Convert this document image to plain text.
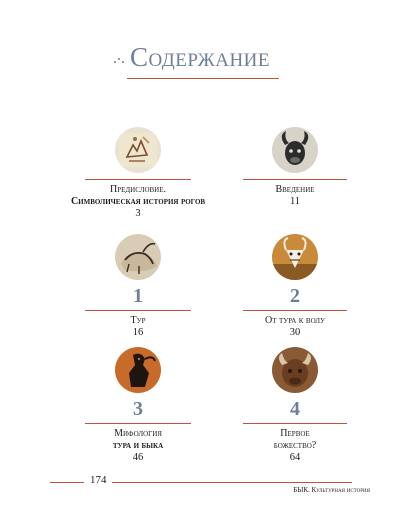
Содержание
Предисловие.
Символическая история рогов
3
Введение
11
1
Тур
16
2
От тура к волу
30
3
Мифология
тура и быка
46
4
Первое
божество?
64
174
БЫК. Культурная история
